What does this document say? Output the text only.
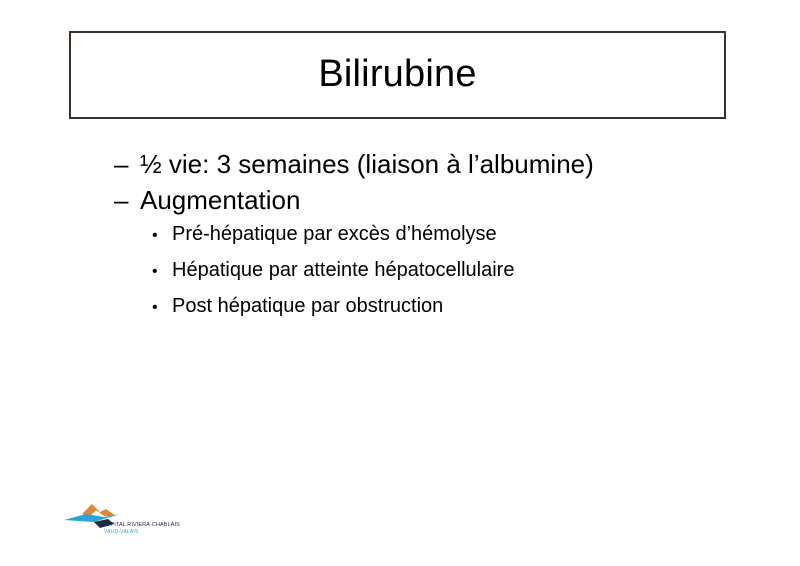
Bilirubine
– ½ vie: 3 semaines (liaison à l’albumine)
– Augmentation
• Pré-hépatique par excès d’hémolyse
• Hépatique par atteinte hépatocellulaire
• Post hépatique par obstruction
HÔPITAL RIVIERA-CHABLAIS
VAUD-VALAIS
